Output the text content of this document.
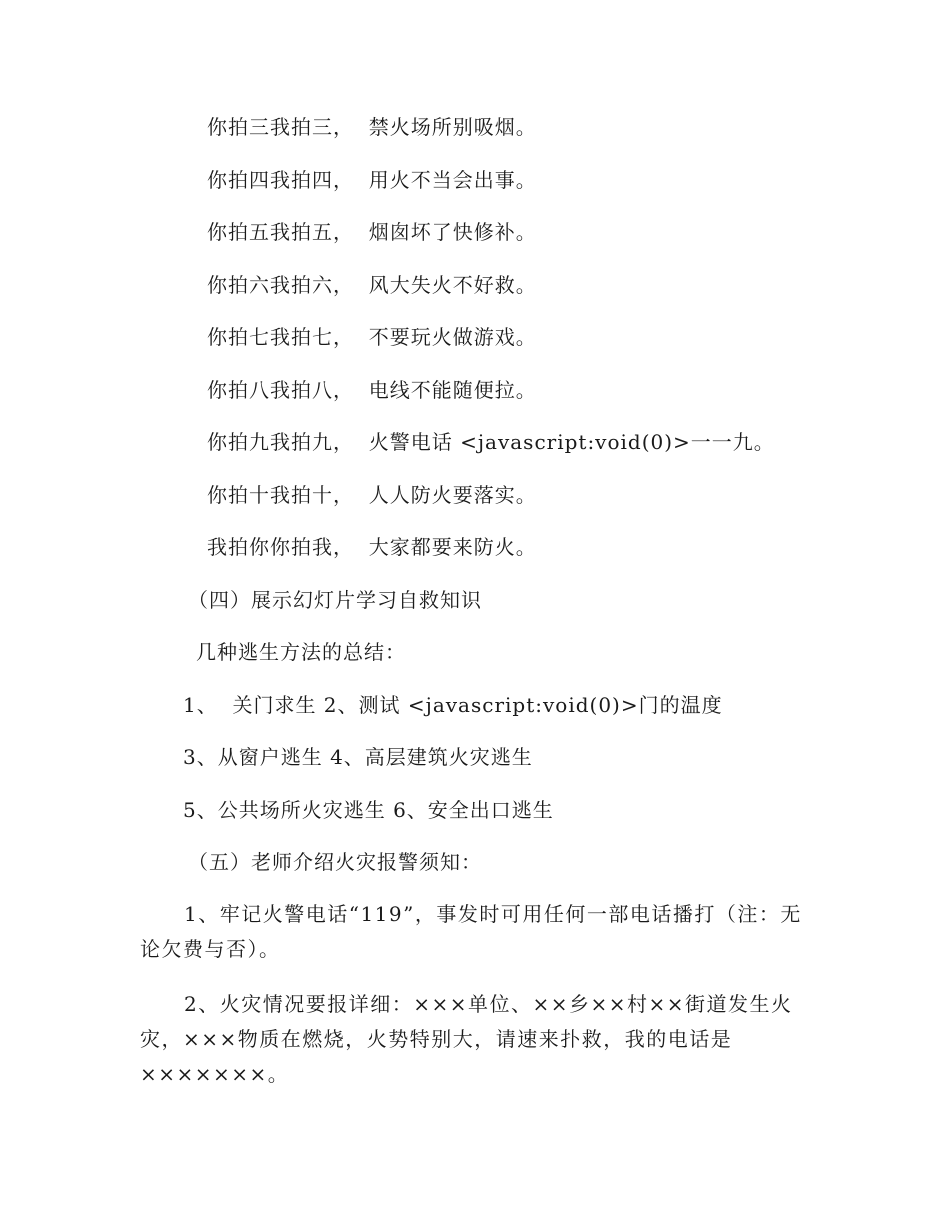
你拍三我拍三，  禁火场所别吸烟。
你拍四我拍四，  用火不当会出事。
你拍五我拍五，  烟囱坏了快修补。
你拍六我拍六，  风大失火不好救。
你拍七我拍七，  不要玩火做游戏。
你拍八我拍八，  电线不能随便拉。
你拍九我拍九，  火警电话 <javascript:void(0)>一一九。
你拍十我拍十，  人人防火要落实。
我拍你你拍我，  大家都要来防火。
（四）展示幻灯片学习自救知识
几种逃生方法的总结：
1、  关门求生 2、测试 <javascript:void(0)>门的温度
3、从窗户逃生 4、高层建筑火灾逃生
5、公共场所火灾逃生 6、安全出口逃生
（五）老师介绍火灾报警须知：
1、牢记火警电话“119”，事发时可用任何一部电话播打（注：无论欠费与否）。
2、火灾情况要报详细：×××单位、××乡××村××街道发生火灾，×××物质在燃烧，火势特别大，请速来扑救，我的电话是×××××××。
